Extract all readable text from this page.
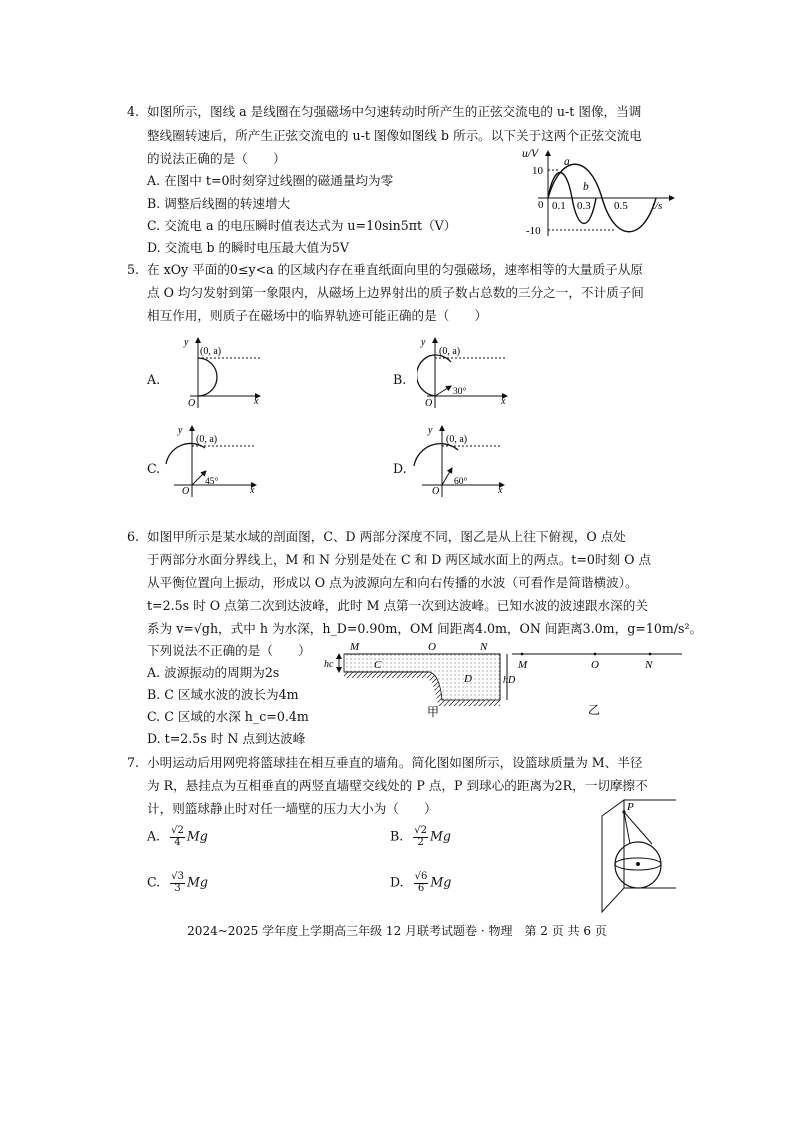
4. 如图所示，图线 a 是线圈在匀强磁场中匀速转动时所产生的正弦交流电的 u-t 图像，当调
整线圈转速后，所产生正弦交流电的 u-t 图像如图线 b 所示。以下关于这两个正弦交流电
的说法正确的是（　　）
A. 在图中 t=0时刻穿过线圈的磁通量均为零
B. 调整后线圈的转速增大
C. 交流电 a 的电压瞬时值表达式为 u=10sin5πt（V）
D. 交流电 b 的瞬时电压最大值为5V
u/V
10
0
-10
0.1 0.3 0.5 t/s
a
b
5. 在 xOy 平面的0≤y<a 的区域内存在垂直纸面向里的匀强磁场，速率相等的大量质子从原
点 O 均匀发射到第一象限内，从磁场上边界射出的质子数占总数的三分之一，不计质子间
相互作用，则质子在磁场中的临界轨迹可能正确的是（　　）
A.
y
(0, a)
O	x
B.
y
(0, a)
O
30°
x
C.
y
(0, a)
O
45°
x
D.
y
(0, a)
O
60°
x
6. 如图甲所示是某水域的剖面图，C、D 两部分深度不同，图乙是从上往下俯视，O 点处
于两部分水面分界线上，M 和 N 分别是处在 C 和 D 两区域水面上的两点。t=0时刻 O 点
从平衡位置向上振动，形成以 O 点为波源向左和向右传播的水波（可看作是简谐横波）。
t=2.5s 时 O 点第二次到达波峰，此时 M 点第一次到达波峰。已知水波的波速跟水深的关
系为 v=√gh，式中 h 为水深，h_D=0.90m，OM 间距离4.0m，ON 间距离3.0m，g=10m/s²。
下列说法不正确的是（　　）
A. 波源振动的周期为2s
B. C 区域水波的波长为4m
C. C 区域的水深 h_c=0.4m
D. t=2.5s 时 N 点到达波峰
hc
hD
M	O	N
C
D
甲
M	O	N
乙
7. 小明运动后用网兜将篮球挂在相互垂直的墙角。简化图如图所示，设篮球质量为 M、半径
为 R，悬挂点为互相垂直的两竖直墙壁交线处的 P 点，P 到球心的距离为2R，一切摩擦不
计，则篮球静止时对任一墙壁的压力大小为（　　）
A. $\frac{√2}{4}$ Mg	B. $\frac{√2}{2}$ Mg
C. $\frac{√3}{3}$ Mg	D. $\frac{√6}{6}$ Mg
P
2024~2025 学年度上学期高三年级 12 月联考试题卷 · 物理　第 2 页 共 6 页
